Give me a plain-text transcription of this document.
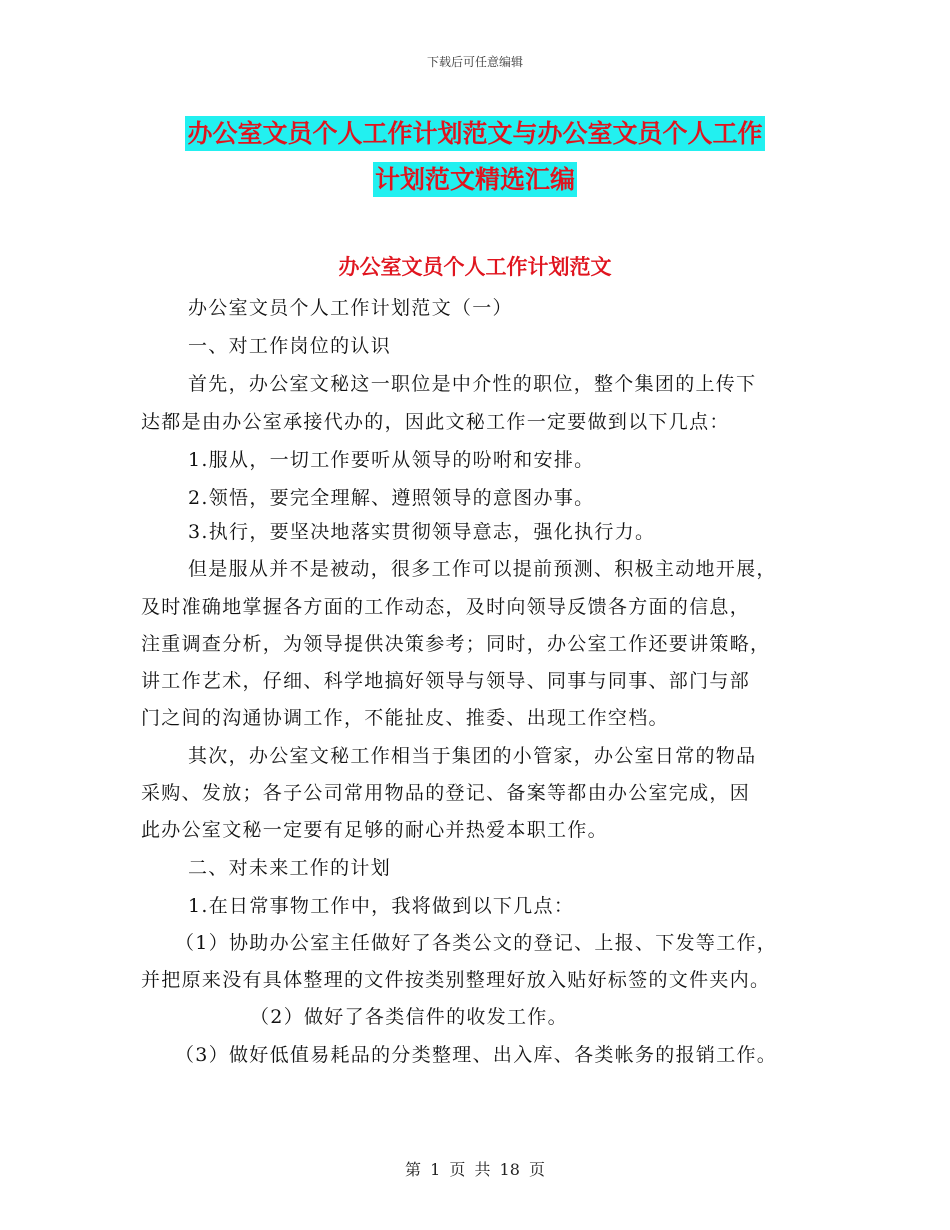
下载后可任意编辑
办公室文员个人工作计划范文与办公室文员个人工作
计划范文精选汇编
办公室文员个人工作计划范文
办公室文员个人工作计划范文（一）
一、对工作岗位的认识
首先，办公室文秘这一职位是中介性的职位，整个集团的上传下
达都是由办公室承接代办的，因此文秘工作一定要做到以下几点：
1.服从，一切工作要听从领导的吩咐和安排。
2.领悟，要完全理解、遵照领导的意图办事。
3.执行，要坚决地落实贯彻领导意志，强化执行力。
但是服从并不是被动，很多工作可以提前预测、积极主动地开展，
及时准确地掌握各方面的工作动态，及时向领导反馈各方面的信息，
注重调查分析，为领导提供决策参考；同时，办公室工作还要讲策略，
讲工作艺术，仔细、科学地搞好领导与领导、同事与同事、部门与部
门之间的沟通协调工作，不能扯皮、推委、出现工作空档。
其次，办公室文秘工作相当于集团的小管家，办公室日常的物品
采购、发放；各子公司常用物品的登记、备案等都由办公室完成，因
此办公室文秘一定要有足够的耐心并热爱本职工作。
二、对未来工作的计划
1.在日常事物工作中，我将做到以下几点：
（1）协助办公室主任做好了各类公文的登记、上报、下发等工作，
并把原来没有具体整理的文件按类别整理好放入贴好标签的文件夹内。
（2）做好了各类信件的收发工作。
（3）做好低值易耗品的分类整理、出入库、各类帐务的报销工作。
第 1 页 共 18 页
